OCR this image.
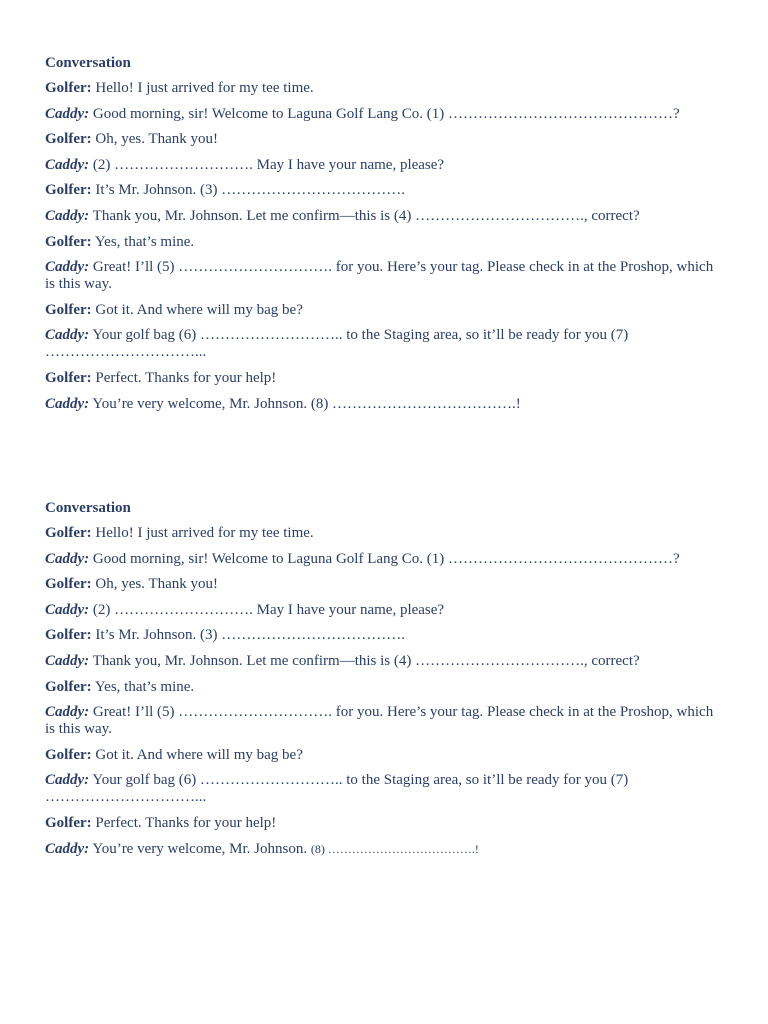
Conversation
Golfer: Hello! I just arrived for my tee time.
Caddy: Good morning, sir! Welcome to Laguna Golf Lang Co. (1) ………………………………………?
Golfer: Oh, yes. Thank you!
Caddy: (2) ………………………. May I have your name, please?
Golfer: It’s Mr. Johnson. (3) ……………………………….
Caddy: Thank you, Mr. Johnson. Let me confirm—this is (4) ……………………………., correct?
Golfer: Yes, that’s mine.
Caddy: Great! I’ll (5) …………………………. for you. Here’s your tag. Please check in at the Proshop, which is this way.
Golfer: Got it. And where will my bag be?
Caddy: Your golf bag (6) ……………………….. to the Staging area, so it’ll be ready for you (7) …………………………...
Golfer: Perfect. Thanks for your help!
Caddy: You’re very welcome, Mr. Johnson. (8) ……………………………….!
Conversation
Golfer: Hello! I just arrived for my tee time.
Caddy: Good morning, sir! Welcome to Laguna Golf Lang Co. (1) ………………………………………?
Golfer: Oh, yes. Thank you!
Caddy: (2) ………………………. May I have your name, please?
Golfer: It’s Mr. Johnson. (3) ……………………………….
Caddy: Thank you, Mr. Johnson. Let me confirm—this is (4) ……………………………., correct?
Golfer: Yes, that’s mine.
Caddy: Great! I’ll (5) …………………………. for you. Here’s your tag. Please check in at the Proshop, which is this way.
Golfer: Got it. And where will my bag be?
Caddy: Your golf bag (6) ……………………….. to the Staging area, so it’ll be ready for you (7) …………………………...
Golfer: Perfect. Thanks for your help!
Caddy: You’re very welcome, Mr. Johnson. (8) ……………………………….!
